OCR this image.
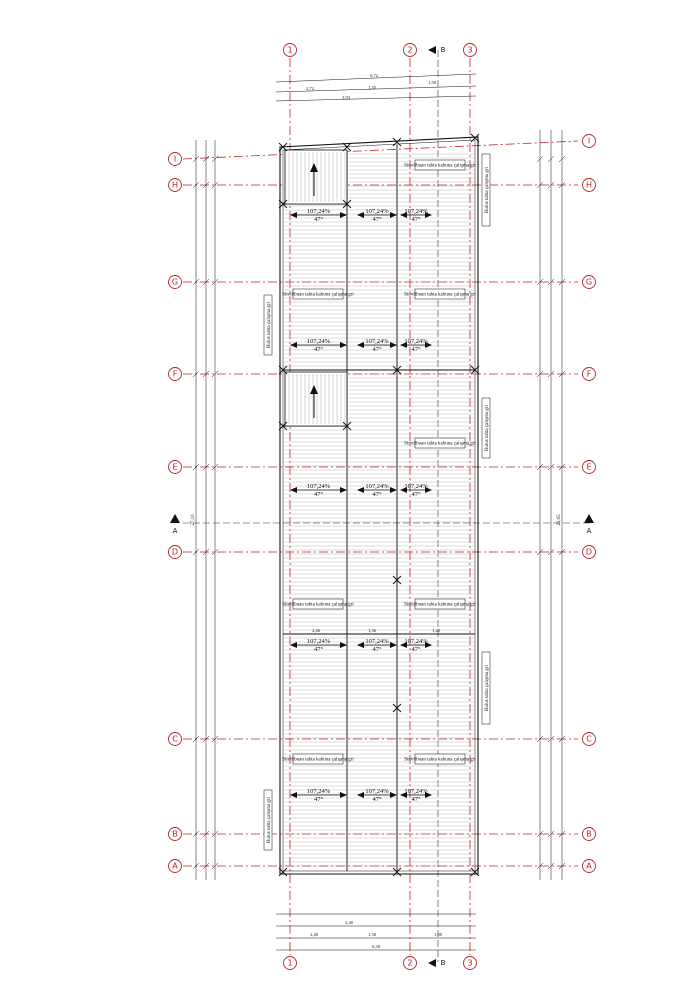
107,24%
47°
107,24%
47°
107,24%
47°
107,24%
47°
107,24%
47°
107,24%
47°
107,24%
47°
107,24%
47°
107,24%
47°
107,24%
47°
107,24%
47°
107,24%
47°
107,24%
47°
107,24%
47°
107,24%
47°
Sinvilbuan tahta kahuna çalışma gri
Sinvilbuan tahta kahuna çalışma gri	Sinvilbuan tahta kahuna çalışma gri
Sinvilbuan tahta kahuna çalışma gri
Sinvilbuan tahta kahuna çalışma gri	Sinvilbuan tahta kahuna çalışma gri
Sinvilbuan tahta kahuna çalışma gri	Sinvilbuan tahta kahuna çalışma gri
Bulus tahta çalışma gri
Bulus tahta çalışma gri
Bulus tahta çalışma gri
Bulus tahta çalışma gri
Bulus tahta çalışma gri
6,72
2,72
1,50
1,35
3,93
2,40
1,30	1,90
2,40
6,30
27,10	23,05
2,46	1,36	1,40
1	2	3
1	2	3
I
I
H	H
G	G
F	F
E	E
D	D
C	C
B	B
A	A
A	A
B
B
